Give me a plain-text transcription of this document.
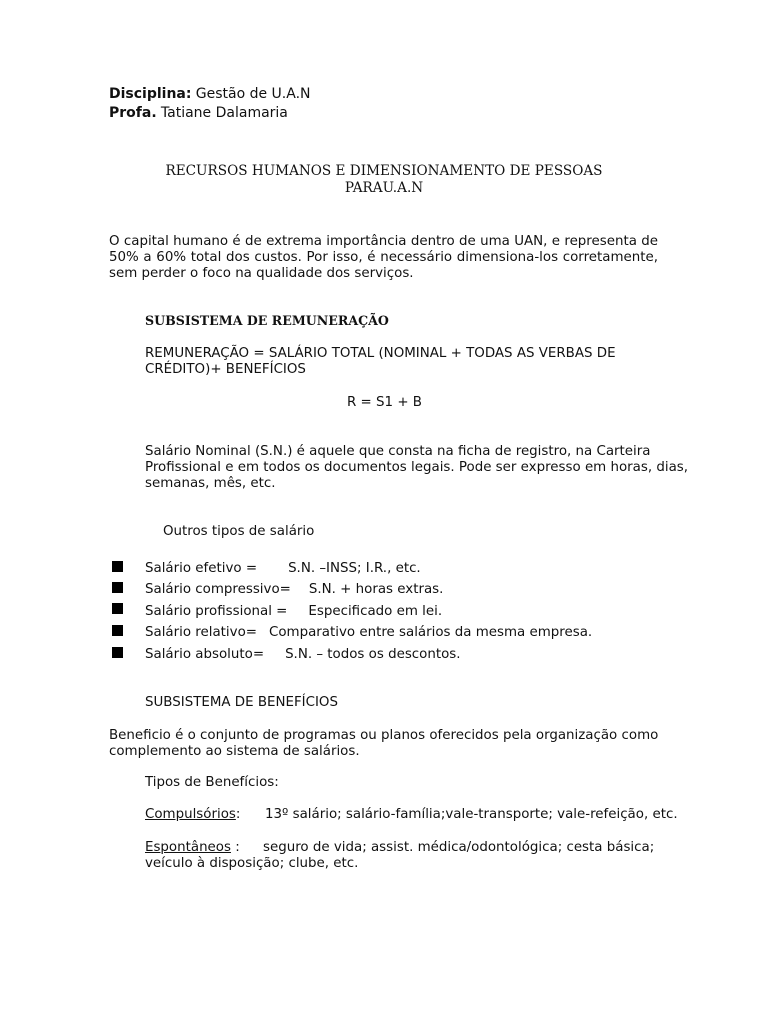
Disciplina: Gestão de U.A.N
Profa. Tatiane Dalamaria
RECURSOS HUMANOS E DIMENSIONAMENTO DE PESSOAS
PARAU.A.N
O capital humano é de extrema importância dentro de uma UAN, e representa de 50% a 60% total dos custos. Por isso, é necessário dimensiona-los corretamente, sem perder o foco na qualidade dos serviços.
SUBSISTEMA DE REMUNERAÇÃO
REMUNERAÇÃO = SALÁRIO TOTAL (NOMINAL + TODAS AS VERBAS DE
CRÉDITO)+ BENEFÍCIOS
R = S1 + B
Salário Nominal (S.N.) é aquele que consta na ficha de registro, na Carteira
Profissional e em todos os documentos legais. Pode ser expresso em horas, dias,
semanas, mês, etc.
Outros tipos de salário
Salário efetivo = S.N. –INSS; I.R., etc.
Salário compressivo= S.N. + horas extras.
Salário profissional = Especificado em lei.
Salário relativo= Comparativo entre salários da mesma empresa.
Salário absoluto= S.N. – todos os descontos.
SUBSISTEMA DE BENEFÍCIOS
Beneficio é o conjunto de programas ou planos oferecidos pela organização como
complemento ao sistema de salários.
Tipos de Benefícios:
Compulsórios: 13º salário; salário-família;vale-transporte; vale-refeição, etc.
Espontâneos : seguro de vida; assist. médica/odontológica; cesta básica;
veículo à disposição; clube, etc.
